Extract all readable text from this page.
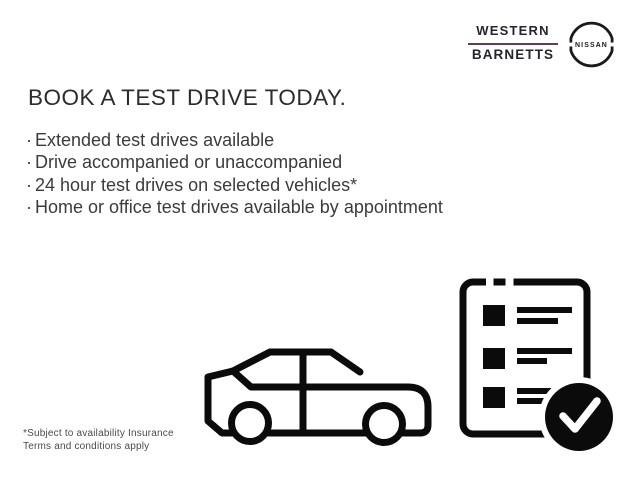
WESTERN
BARNETTS
NISSAN
BOOK A TEST DRIVE TODAY.
· Extended test drives available
· Drive accompanied or unaccompanied
· 24 hour test drives on selected vehicles*
· Home or office test drives available by appointment
*Subject to availability Insurance
Terms and conditions apply
